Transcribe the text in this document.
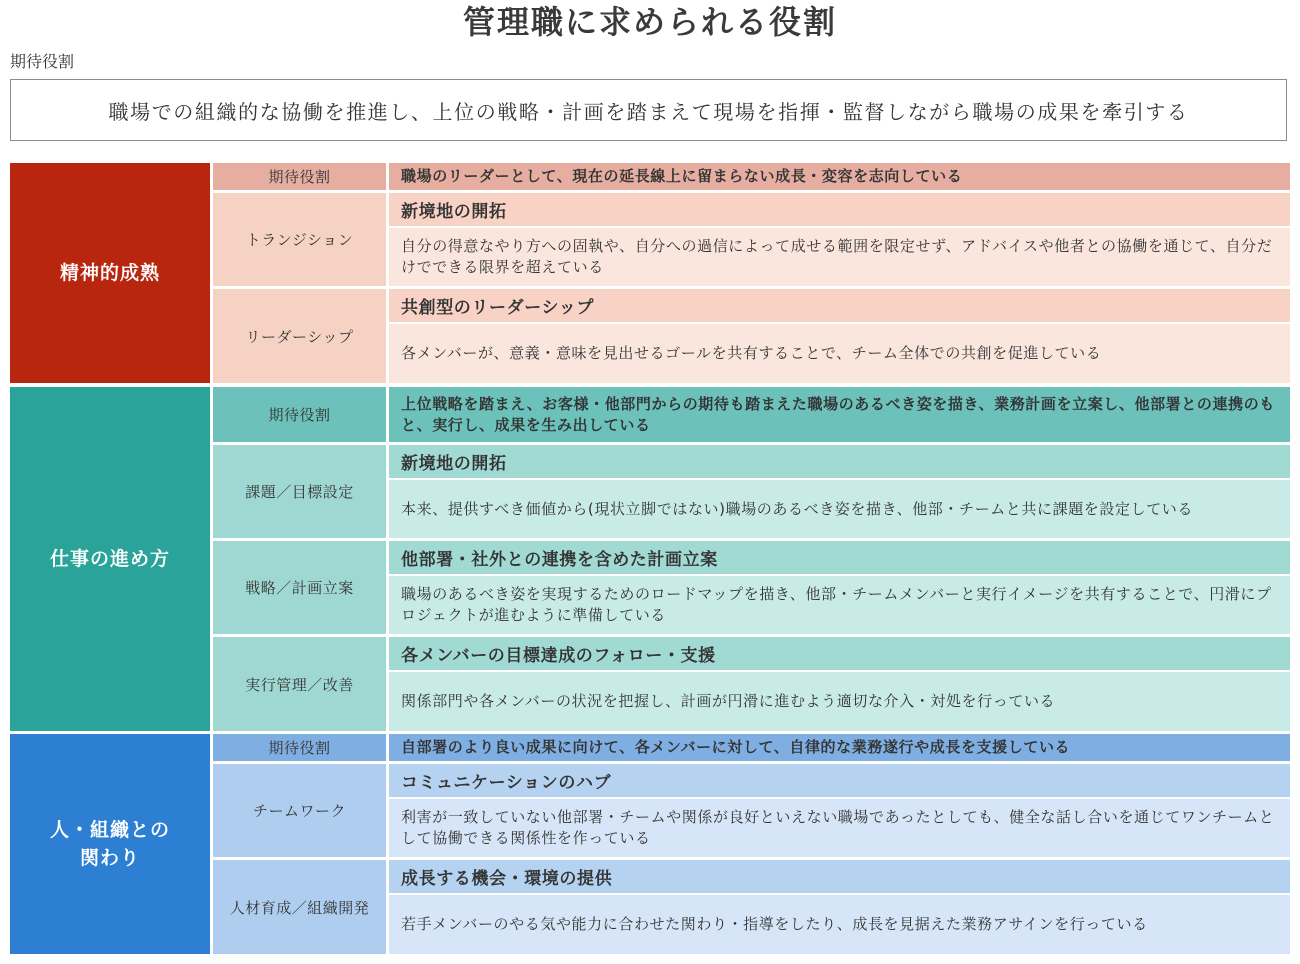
管理職に求められる役割
期待役割
職場での組織的な協働を推進し、上位の戦略・計画を踏まえて現場を指揮・監督しながら職場の成果を牽引する
精神的成熟
期待役割	職場のリーダーとして、現在の延長線上に留まらない成長・変容を志向している
トランジション
新境地の開拓
自分の得意なやり方への固執や、自分への過信によって成せる範囲を限定せず、アドバイスや他者との協働を通じて、自分だけでできる限界を超えている
リーダーシップ
共創型のリーダーシップ
各メンバーが、意義・意味を見出せるゴールを共有することで、チーム全体での共創を促進している
仕事の進め方
期待役割
上位戦略を踏まえ、お客様・他部門からの期待も踏まえた職場のあるべき姿を描き、業務計画を立案し、他部署との連携のもと、実行し、成果を生み出している
課題／目標設定
新境地の開拓
本来、提供すべき価値から(現状立脚ではない)職場のあるべき姿を描き、他部・チームと共に課題を設定している
戦略／計画立案
他部署・社外との連携を含めた計画立案
職場のあるべき姿を実現するためのロードマップを描き、他部・チームメンバーと実行イメージを共有することで、円滑にプロジェクトが進むように準備している
実行管理／改善
各メンバーの目標達成のフォロー・支援
関係部門や各メンバーの状況を把握し、計画が円滑に進むよう適切な介入・対処を行っている
人・組織との
関わり
期待役割	自部署のより良い成果に向けて、各メンバーに対して、自律的な業務遂行や成長を支援している
チームワーク
コミュニケーションのハブ
利害が一致していない他部署・チームや関係が良好といえない職場であったとしても、健全な話し合いを通じてワンチームとして協働できる関係性を作っている
人材育成／組織開発
成長する機会・環境の提供
若手メンバーのやる気や能力に合わせた関わり・指導をしたり、成長を見据えた業務アサインを行っている
